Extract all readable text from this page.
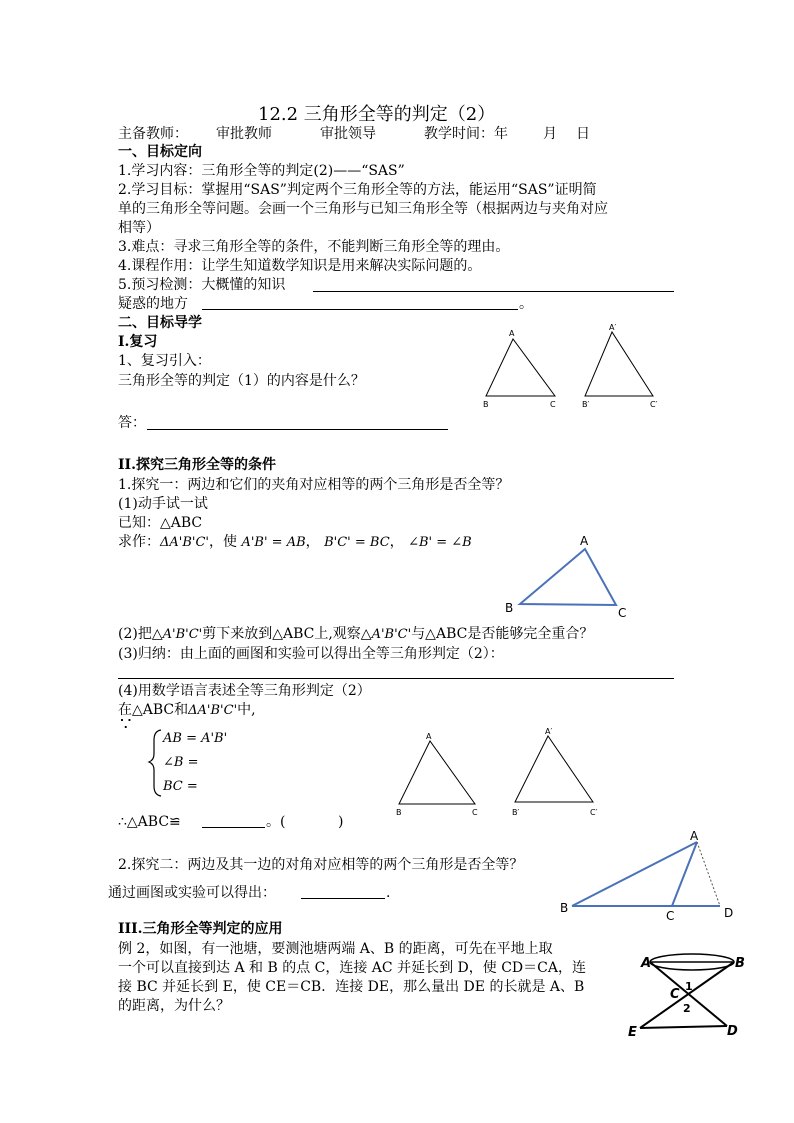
12.2 三角形全等的判定（2）
主备教师： 审批教师	审批领导	教学时间：年	月 日
一、目标定向
1.学习内容：三角形全等的判定(2)——“SAS”
2.学习目标：掌握用“SAS”判定两个三角形全等的方法，能运用“SAS”证明简
单的三角形全等问题。会画一个三角形与已知三角形全等（根据两边与夹角对应
相等）
3.难点：寻求三角形全等的条件，不能判断三角形全等的理由。
4.课程作用：让学生知道数学知识是用来解决实际问题的。
5.预习检测：大概懂的知识
疑惑的地方	。
二、目标导学
I.复习
1、复习引入：
三角形全等的判定（1）的内容是什么？
答：
A
B	C
A′
B′	C′
II.探究三角形全等的条件
1.探究一：两边和它们的夹角对应相等的两个三角形是否全等？
(1)动手试一试
已知：△ABC
求作：ΔA'B'C'，使 A'B' = AB， B'C' = BC， ∠B' = ∠B	A
B	C
(2)把△A'B'C'剪下来放到△ABC上,观察△A'B'C'与△ABC是否能够完全重合？
(3)归纳：由上面的画图和实验可以得出全等三角形判定（2）：
(4)用数学语言表述全等三角形判定（2）
在△ABC和ΔA'B'C'中,
∵
AB = A'B'
∠B =
BC =
A
B	C
A′
B′	C′
∴△ABC≌	。(	)
2.探究二：两边及其一边的对角对应相等的两个三角形是否全等？
通过画图或实验可以得出：	.
A
B
C	D
III.三角形全等判定的应用
例 2，如图，有一池塘，要测池塘两端 A、B 的距离，可先在平地上取
一个可以直接到达 A 和 B 的点 C，连接 AC 并延长到 D，使 CD＝CA，连
接 BC 并延长到 E，使 CE＝CB．连接 DE，那么量出 DE 的长就是 A、B
的距离，为什么？
A	B
C
1
2
E	D
